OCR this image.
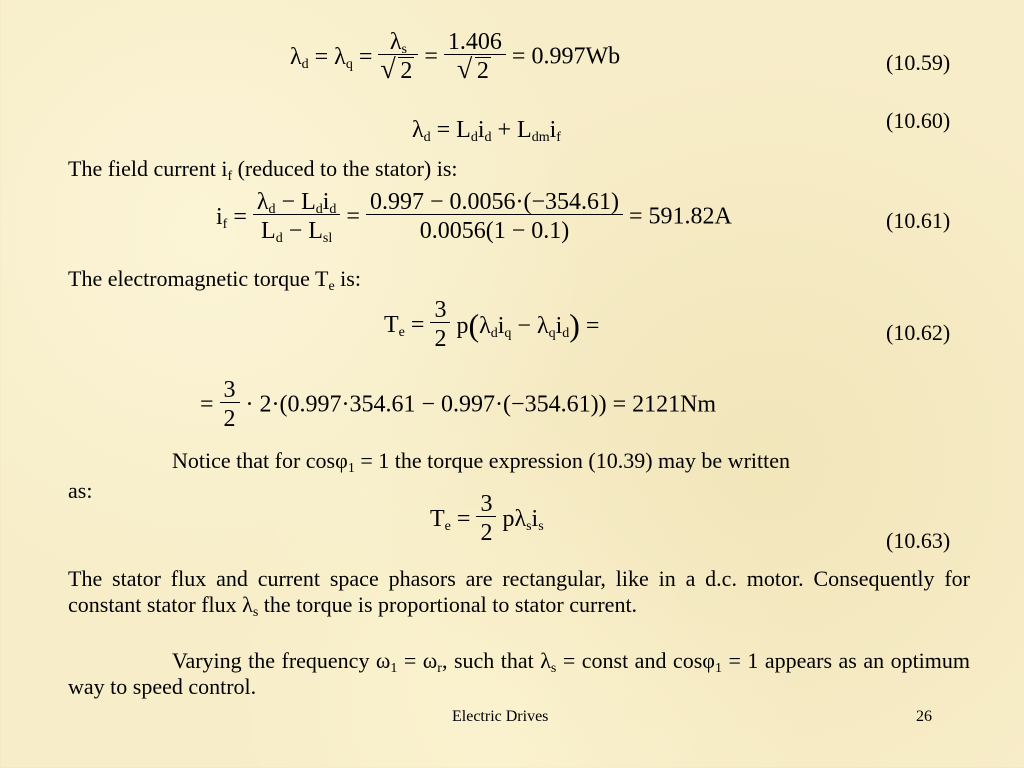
$\lambda_d = \lambda_q = \lambda_s$
√ 2 = 1.406
√ 2 = 0.997Wb	(10.59)
$\lambda_d = L_di_d + L_{dm}i_f$
(10.60)
The field current $i_f$ (reduced to the stator) is:
$i_f = \frac{\lambda_d - L_di_d}{L_d - L_{sl}} = \frac{0.997 - 0.0056\cdot(-354.61)}{0.0056(1 - 0.1)} = 591.82A$	(10.61)
The electromagnetic torque $T_e$ is:
$T_e = \frac{3}{2} p(\lambda_di_q - \lambda_qi_d)$ =	(10.62)
= $\frac{3}{2} \cdot 2\cdot(0.997\cdot 354.61 - 0.997\cdot(-354.61)) = 2121Nm$
Notice that for cosφ$_1$ = 1 the torque expression (10.39) may be written
as:
$T_e = \frac{3}{2} p\lambda_si_s$
(10.63)
The stator flux and current space phasors are rectangular, like in a d.c. motor. Consequently for constant stator flux $\lambda_s$ the torque is proportional to stator current.
Varying the frequency $\omega_1 = \omega_r$, such that $\lambda_s$ = const and cosφ$_1$ = 1 appears as an optimum way to speed control.
Electric Drives	26
